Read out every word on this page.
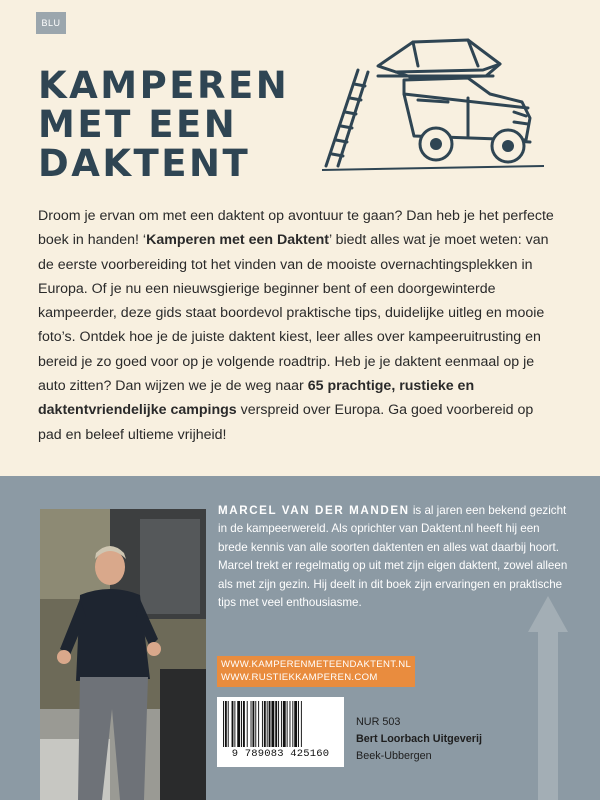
BLU
KAMPEREN
MET EEN
DAKTENT
Droom je ervan om met een daktent op avontuur te gaan? Dan heb je het perfecte boek in handen! ‘Kamperen met een Daktent’ biedt alles wat je moet weten: van de eerste voorbereiding tot het vinden van de mooiste overnachtingsplekken in Europa. Of je nu een nieuwsgierige beginner bent of een doorgewinterde kampeerder, deze gids staat boordevol praktische tips, duidelijke uitleg en mooie foto’s. Ontdek hoe je de juiste daktent kiest, leer alles over kampeeruitrusting en bereid je zo goed voor op je volgende roadtrip. Heb je je daktent eenmaal op je auto zitten? Dan wijzen we je de weg naar 65 prachtige, rustieke en daktentvriendelijke campings verspreid over Europa. Ga goed voorbereid op pad en beleef ultieme vrijheid!
MARCEL VAN DER MANDEN is al jaren een bekend gezicht in de kampeerwereld. Als oprichter van Daktent.nl heeft hij een brede kennis van alle soorten daktenten en alles wat daarbij hoort. Marcel trekt er regelmatig op uit met zijn eigen daktent, zowel alleen als met zijn gezin. Hij deelt in dit boek zijn ervaringen en praktische tips met veel enthousiasme.
WWW.KAMPERENMETEENDAKTENT.NL
WWW.RUSTIEKKAMPEREN.COM
9 789083 425160
NUR 503
Bert Loorbach Uitgeverij
Beek-Ubbergen
